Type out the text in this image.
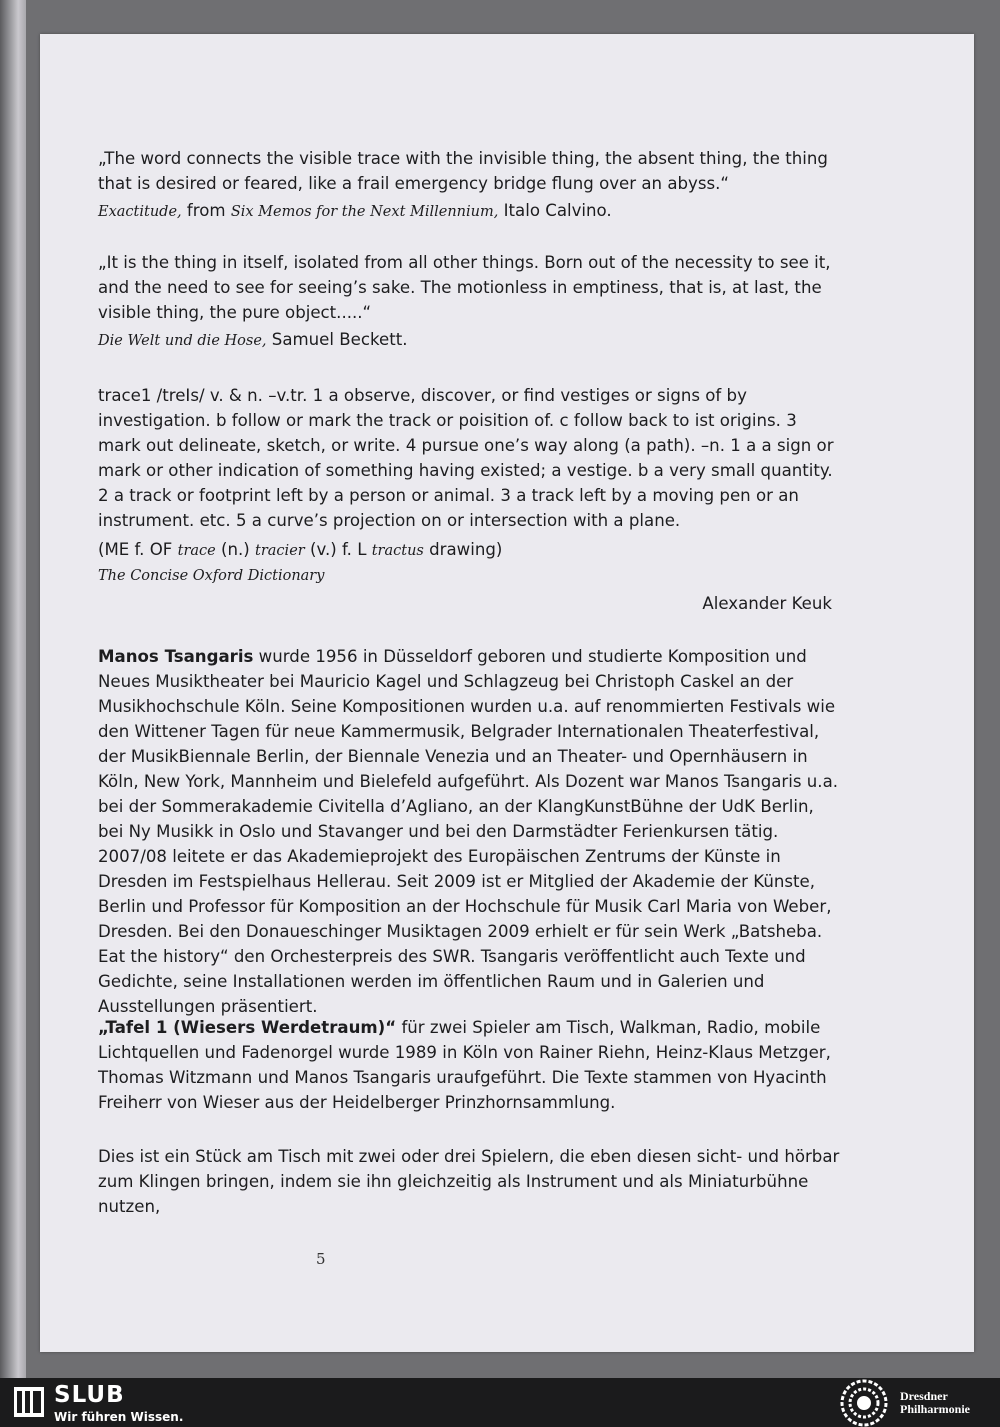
„The word connects the visible trace with the invisible thing, the absent thing, the thing that is desired or feared, like a frail emergency bridge flung over an abyss.“

Exactitude, from Six Memos for the Next Millennium, Italo Calvino.

„It is the thing in itself, isolated from all other things. Born out of the necessity to see it, and the need to see for seeing’s sake. The motionless in emptiness, that is, at last, the visible thing, the pure object.....“

Die Welt und die Hose, Samuel Beckett.

trace1 /treIs/ v. & n. –v.tr. 1 a observe, discover, or find vestiges or signs of by investigation. b follow or mark the track or poisition of. c follow back to ist origins. 3 mark out delineate, sketch, or write. 4 pursue one’s way along (a path). –n. 1 a a sign or mark or other indication of something having existed; a vestige. b a very small quantity. 2 a track or footprint left by a person or animal. 3 a track left by a moving pen or an instrument. etc. 5 a curve’s projection on or intersection with a plane.

(ME f. OF trace (n.) tracier (v.) f. L tractus drawing)

The Concise Oxford Dictionary

Alexander Keuk

Manos Tsangaris wurde 1956 in Düsseldorf geboren und studierte Komposition und Neues Musiktheater bei Mauricio Kagel und Schlagzeug bei Christoph Caskel an der Musikhochschule Köln. Seine Kompositionen wurden u.a. auf renommierten Festivals wie den Wittener Tagen für neue Kammermusik, Belgrader Internationalen Theaterfestival, der MusikBiennale Berlin, der Biennale Venezia und an Theater- und Opernhäusern in Köln, New York, Mannheim und Bielefeld aufgeführt. Als Dozent war Manos Tsangaris u.a. bei der Sommerakademie Civitella d’Agliano, an der KlangKunstBühne der UdK Berlin, bei Ny Musikk in Oslo und Stavanger und bei den Darmstädter Ferienkursen tätig. 2007/08 leitete er das Akademieprojekt des Europäischen Zentrums der Künste in Dresden im Festspielhaus Hellerau. Seit 2009 ist er Mitglied der Akademie der Künste, Berlin und Professor für Komposition an der Hochschule für Musik Carl Maria von Weber, Dresden. Bei den Donaueschinger Musiktagen 2009 erhielt er für sein Werk „Batsheba. Eat the history“ den Orchesterpreis des SWR. Tsangaris veröffentlicht auch Texte und Gedichte, seine Installationen werden im öffentlichen Raum und in Galerien und Ausstellungen präsentiert.

„Tafel 1 (Wiesers Werdetraum)“ für zwei Spieler am Tisch, Walkman, Radio, mobile Lichtquellen und Fadenorgel wurde 1989 in Köln von Rainer Riehn, Heinz-Klaus Metzger, Thomas Witzmann und Manos Tsangaris uraufgeführt. Die Texte stammen von Hyacinth Freiherr von Wieser aus der Heidelberger Prinzhornsammlung.

Dies ist ein Stück am Tisch mit zwei oder drei Spielern, die eben diesen sicht- und hörbar zum Klingen bringen, indem sie ihn gleichzeitig als Instrument und als Miniaturbühne nutzen,

5
SLUB
Wir führen Wissen.
Dresdner
Philharmonie
